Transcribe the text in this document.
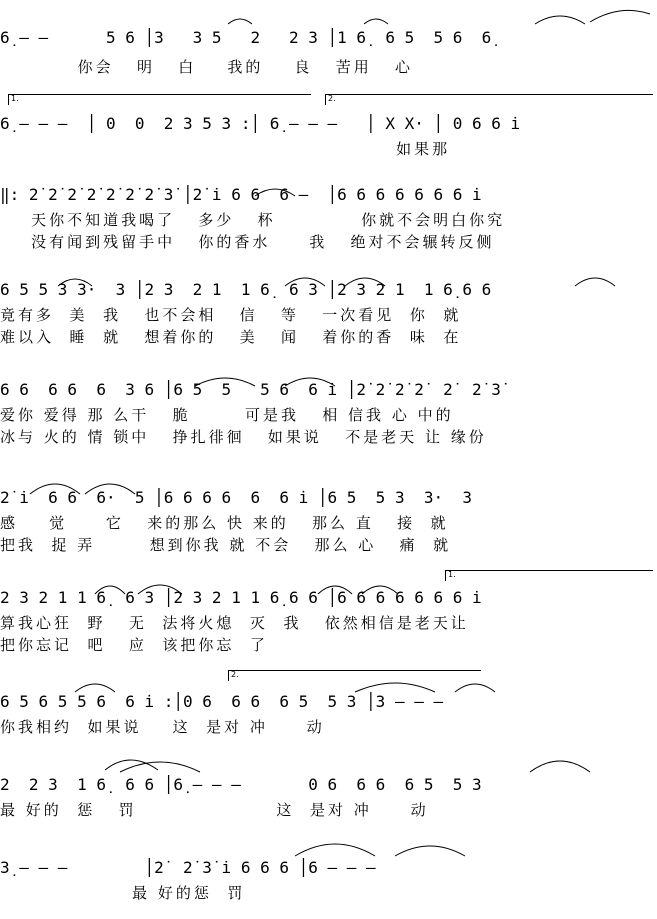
6̣ – –      5 6 │3   3 5   2   2 3 │1 6̣  6 5  5 6  6̣
你会   明   白    我的    良   苦用   心
1.	2.
6̣ – – –  │ 0  0  2 3 5 3 :│ 6̣ – – –   │ X X· │ 0 6 6 i̇
如果那
‖: 2̇ 2̇ 2̇ 2̇ 2̇ 2̇ 2̇ 3̇ │2̇ i̇ 6 6  6 –  │6 6 6 6 6 6 6 i̇
天你不知道我喝了   多少   杯           你就不会明白你究
没有闻到残留手中   你的香水     我   绝对不会辗转反侧
6 5 5 3 3·  3 │2 3  2 1  1 6̣  6 3 │2 3 2 1  1 6̣ 6 6
竟有多  美  我   也不会相   信   等   一次看见  你  就
难以入  睡  就   想着你的   美   闻   着你的香  味  在
6 6  6 6  6  3 6 │6 5  5   5 6  6 i̇ │2̇ 2̇ 2̇ 2̇  2̇  2̇ 3̇
爱你 爱得 那 么干   脆       可是我   相 信我 心 中的
冰与 火的 情 锁中   挣扎徘徊   如果说   不是老天 让 缘份
2̇ i̇  6 6  6·  5 │6 6 6 6  6  6 i̇ │6 5  5 3  3·  3
感    觉     它   来的那么 快 来的   那么 直   接  就
把我  捉 弄       想到你我 就 不会   那么 心   痛  就
1.
2 3 2 1 1 6̣  6 3 │2 3 2 1 1 6̣ 6 6 │6 6 6 6 6 6 6 i̇
算我心狂  野   无  法将火熄  灭  我   依然相信是老天让
把你忘记  吧   应  该把你忘  了
2.
6 5 6 5 5 6  6 i̇ :│0 6  6 6  6 5  5 3 │3 – – –
你我相约  如果说    这  是对 冲     动
2  2 3  1 6̣  6 6 │6̣ – – –       0 6  6 6  6 5  5 3
最 好的  惩   罚                  这  是对 冲     动
3̣ – – –        │2̇  2̇ 3̇ i̇ 6 6 6 │6 – – –
最 好的惩  罚
